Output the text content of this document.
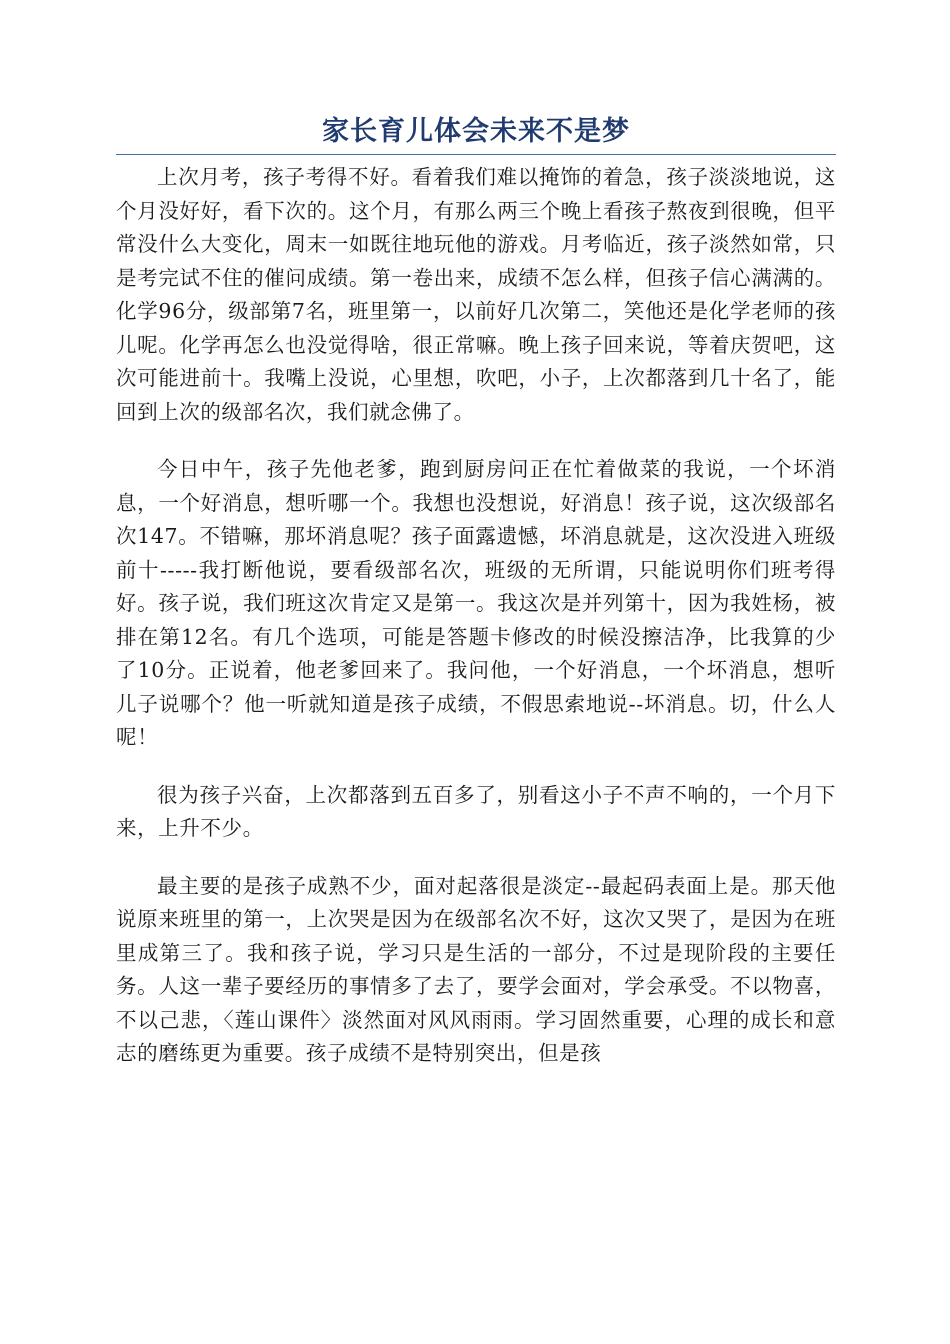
家长育儿体会未来不是梦

上次月考，孩子考得不好。看着我们难以掩饰的着急，孩子淡淡地说，这个月没好好，看下次的。这个月，有那么两三个晚上看孩子熬夜到很晚，但平常没什么大变化，周末一如既往地玩他的游戏。月考临近，孩子淡然如常，只是考完试不住的催问成绩。第一卷出来，成绩不怎么样，但孩子信心满满的。化学96分，级部第7名，班里第一，以前好几次第二，笑他还是化学老师的孩儿呢。化学再怎么也没觉得啥，很正常嘛。晚上孩子回来说，等着庆贺吧，这次可能进前十。我嘴上没说，心里想，吹吧，小子，上次都落到几十名了，能回到上次的级部名次，我们就念佛了。

今日中午，孩子先他老爹，跑到厨房问正在忙着做菜的我说，一个坏消息，一个好消息，想听哪一个。我想也没想说，好消息！孩子说，这次级部名次147。不错嘛，那坏消息呢？孩子面露遗憾，坏消息就是，这次没进入班级前十-----我打断他说，要看级部名次，班级的无所谓，只能说明你们班考得好。孩子说，我们班这次肯定又是第一。我这次是并列第十，因为我姓杨，被排在第12名。有几个选项，可能是答题卡修改的时候没擦洁净，比我算的少了10分。正说着，他老爹回来了。我问他，一个好消息，一个坏消息，想听儿子说哪个？他一听就知道是孩子成绩，不假思索地说--坏消息。切，什么人呢！

很为孩子兴奋，上次都落到五百多了，别看这小子不声不响的，一个月下来，上升不少。

最主要的是孩子成熟不少，面对起落很是淡定--最起码表面上是。那天他说原来班里的第一，上次哭是因为在级部名次不好，这次又哭了，是因为在班里成第三了。我和孩子说，学习只是生活的一部分，不过是现阶段的主要任务。人这一辈子要经历的事情多了去了，要学会面对，学会承受。不以物喜，不以己悲，〈莲山课件〉淡然面对风风雨雨。学习固然重要，心理的成长和意志的磨练更为重要。孩子成绩不是特别突出，但是孩
